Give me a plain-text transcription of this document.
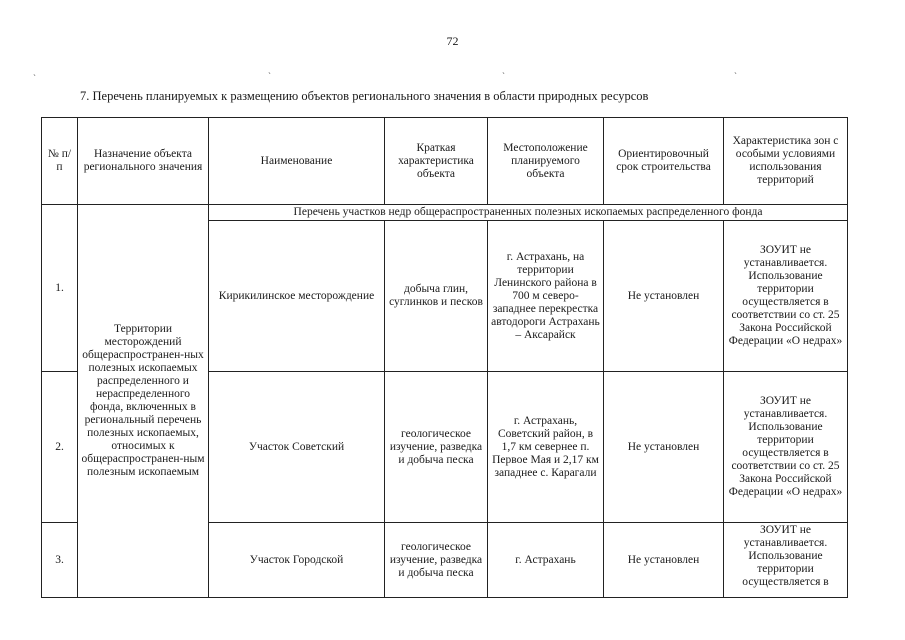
72
ˏ	ˏ	ˏ	ˏ
7. Перечень планируемых к размещению объектов регионального значения в области природных ресурсов
№ п/п	Назначение объекта регионального значения	Наименование	Краткая характеристика объекта	Местоположение планируемого объекта	Ориентировочный срок строительства	Характеристика зон с особыми условиями использования территорий
1.	Территории месторождений общераспространен-ных полезных ископаемых распределенного и нераспределенного фонда, включенных в региональный перечень полезных ископаемых, относимых к общераспространен-ным полезным ископаемым	Перечень участков недр общераспространенных полезных ископаемых распределенного фонда				
		Кирикилинское месторождение	добыча глин, суглинков и песков	г. Астрахань, на территории Ленинского района в 700 м северо-западнее перекрестка автодороги Астрахань – Аксарайск	Не установлен	ЗОУИТ не устанавливается. Использование территории осуществляется в соответствии со ст. 25 Закона Российской Федерации «О недрах»
2.		Участок Советский	геологическое изучение, разведка и добыча песка	г. Астрахань, Советский район, в 1,7 км севернее п. Первое Мая и 2,17 км западнее с. Карагали	Не установлен	ЗОУИТ не устанавливается. Использование территории осуществляется в соответствии со ст. 25 Закона Российской Федерации «О недрах»
3.		Участок Городской	геологическое изучение, разведка и добыча песка	г. Астрахань	Не установлен	ЗОУИТ не устанавливается. Использование территории осуществляется в
